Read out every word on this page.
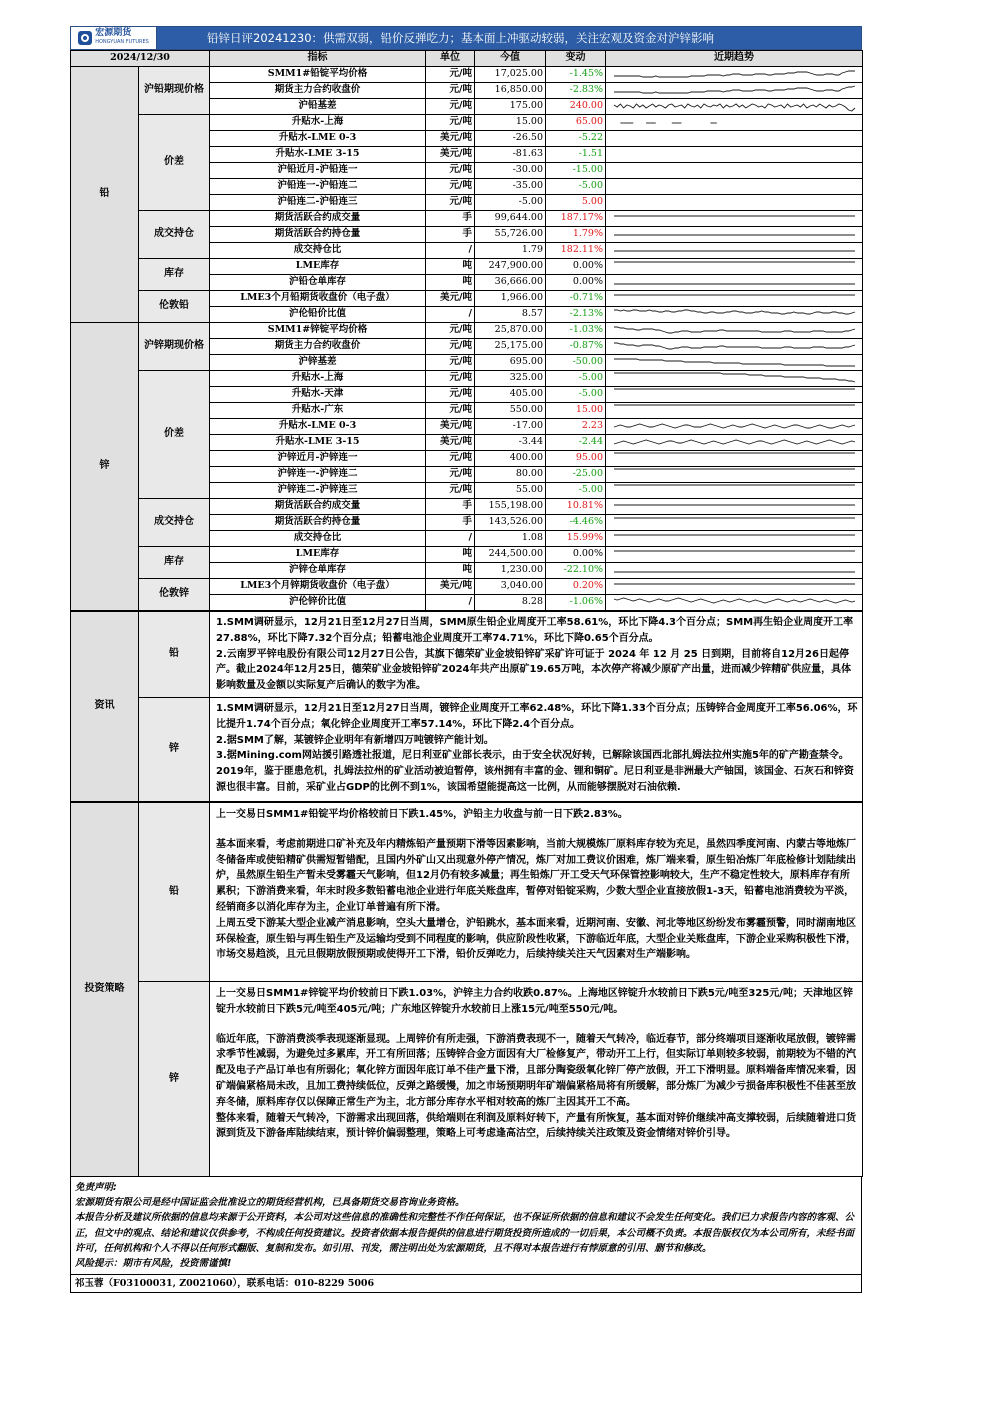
宏源期货
HONGYUAN FUTURES	铅锌日评20241230：供需双弱，铅价反弹吃力；基本面上冲驱动较弱，关注宏观及资金对沪锌影响
2024/12/30		指标	单位	今值	变动	近期趋势
铅	沪铅期现价格	SMM1#铅锭平均价格	元/吨	17,025.00	-1.45%	

		期货主力合约收盘价	元/吨	16,850.00	-2.83%	

		沪铅基差	元/吨	175.00	240.00	

	价差	升贴水-上海	元/吨	15.00	65.00	

		升贴水-LME 0-3	美元/吨	-26.50	-5.22	

		升贴水-LME 3-15	美元/吨	-81.63	-1.51	

		沪铅近月-沪铅连一	元/吨	-30.00	-15.00	

		沪铅连一-沪铅连二	元/吨	-35.00	-5.00	

		沪铅连二-沪铅连三	元/吨	-5.00	5.00	

	成交持仓	期货活跃合约成交量	手	99,644.00	187.17%	

		期货活跃合约持仓量	手	55,726.00	1.79%	

		成交持仓比	/	1.79	182.11%	

	库存	LME库存	吨	247,900.00	0.00%	

		沪铅仓单库存	吨	36,666.00	0.00%	

	伦敦铅	LME3个月铅期货收盘价（电子盘）	美元/吨	1,966.00	-0.71%	

		沪伦铅价比值	/	8.57	-2.13%	

锌	沪锌期现价格	SMM1#锌锭平均价格	元/吨	25,870.00	-1.03%	

		期货主力合约收盘价	元/吨	25,175.00	-0.87%	

		沪锌基差	元/吨	695.00	-50.00	

	价差	升贴水-上海	元/吨	325.00	-5.00	

		升贴水-天津	元/吨	405.00	-5.00	

		升贴水-广东	元/吨	550.00	15.00	

		升贴水-LME 0-3	美元/吨	-17.00	2.23	

		升贴水-LME 3-15	美元/吨	-3.44	-2.44	

		沪锌近月-沪锌连一	元/吨	400.00	95.00	

		沪锌连一-沪锌连二	元/吨	80.00	-25.00	

		沪锌连二-沪锌连三	元/吨	55.00	-5.00	

	成交持仓	期货活跃合约成交量	手	155,198.00	10.81%	

		期货活跃合约持仓量	手	143,526.00	-4.46%	

		成交持仓比	/	1.08	15.99%	

	库存	LME库存	吨	244,500.00	0.00%	

		沪锌仓单库存	吨	1,230.00	-22.10%	

	伦敦锌	LME3个月锌期货收盘价（电子盘）	美元/吨	3,040.00	0.20%	

		沪伦锌价比值	/	8.28	-1.06%	
资讯	铅	1.SMM调研显示，12月21日至12月27日当周，SMM原生铅企业周度开工率58.61%，环比下降4.3个百分点；SMM再生铅企业周度开工率27.88%，环比下降7.32个百分点；铅蓄电池企业周度开工率74.71%，环比下降0.65个百分点。

2.云南罗平锌电股份有限公司12月27日公告，其旗下德荣矿业金坡铅锌矿采矿许可证于 2024 年 12 月 25 日到期，目前将自12月26日起停产。截止2024年12月25日，德荣矿业金坡铅锌矿2024年共产出原矿19.65万吨，本次停产将减少原矿产出量，进而减少锌精矿供应量，具体影响数量及金额以实际复产后确认的数字为准。

	锌	1.SMM调研显示，12月21日至12月27日当周，镀锌企业周度开工率62.48%，环比下降1.33个百分点；压铸锌合金周度开工率56.06%，环比提升1.74个百分点；氧化锌企业周度开工率57.14%，环比下降2.4个百分点。

2.据SMM了解，某镀锌企业明年有新增四万吨镀锌产能计划。

3.据Mining.com网站援引路透社报道，尼日利亚矿业部长表示，由于安全状况好转，已解除该国西北部扎姆法拉州实施5年的矿产勘查禁令。2019年，鉴于匪患危机，扎姆法拉州的矿业活动被迫暂停，该州拥有丰富的金、锂和铜矿。尼日利亚是非洲最大产铀国，该国金、石灰石和锌资源也很丰富。目前，采矿业占GDP的比例不到1%，该国希望能提高这一比例，从而能够摆脱对石油依赖.

投资策略	铅	上一交易日SMM1#铅锭平均价格较前日下跌1.45%，沪铅主力收盘与前一日下跌2.83%。

基本面来看，考虑前期进口矿补充及年内精炼铅产量预期下滑等因素影响，当前大规模炼厂原料库存较为充足，虽然四季度河南、内蒙古等地炼厂冬储备库或使铅精矿供需短暂错配，且国内外矿山又出现意外停产情况，炼厂对加工费议价困难，炼厂端来看，原生铅冶炼厂年底检修计划陆续出炉，虽然原生铅生产暂未受雾霾天气影响，但12月仍有较多减量；再生铅炼厂开工受天气环保管控影响较大，生产不稳定性较大，原料库存有所累积；下游消费来看，年末时段多数铅蓄电池企业进行年底关账盘库，暂停对铅锭采购，少数大型企业直接放假1-3天，铅蓄电池消费较为平淡，经销商多以消化库存为主，企业订单普遍有所下滑。

上周五受下游某大型企业减产消息影响，空头大量增仓，沪铅跳水，基本面来看，近期河南、安徽、河北等地区纷纷发布雾霾预警，同时湖南地区环保检查，原生铅与再生铅生产及运输均受到不同程度的影响，供应阶段性收紧，下游临近年底，大型企业关账盘库，下游企业采购积极性下滑，市场交易趋淡，且元旦假期放假预期或使得开工下滑，铅价反弹吃力，后续持续关注天气因素对生产端影响。

	锌	上一交易日SMM1#锌锭平均价较前日下跌1.03%，沪锌主力合约收跌0.87%。上海地区锌锭升水较前日下跌5元/吨至325元/吨；天津地区锌锭升水较前日下跌5元/吨至405元/吨；广东地区锌锭升水较前日上涨15元/吨至550元/吨。

临近年底，下游消费淡季表现逐渐显现。上周锌价有所走强，下游消费表现不一，随着天气转冷，临近春节，部分终端项目逐渐收尾放假，镀锌需求季节性减弱，为避免过多累库，开工有所回落；压铸锌合金方面因有大厂检修复产，带动开工上行，但实际订单则较多较弱，前期较为不错的汽配及电子产品订单也有所弱化；氧化锌方面因年底订单不佳产量下滑，且部分陶瓷级氧化锌厂停产放假，开工下滑明显。原料端备库情况来看，因矿端偏紧格局未改，且加工费持续低位，反弹之路缓慢，加之市场预期明年矿端偏紧格局将有所缓解，部分炼厂为减少亏损备库积极性不佳甚至放弃冬储，原料库存仅以保障正常生产为主，北方部分库存水平相对较高的炼厂主因其开工不高。

整体来看，随着天气转冷，下游需求出现回落，供给端则在利润及原料好转下，产量有所恢复，基本面对锌价继续冲高支撑较弱，后续随着进口货源到货及下游备库陆续结束，预计锌价偏弱整理，策略上可考虑逢高沽空，后续持续关注政策及资金情绪对锌价引导。

免责声明:

宏源期货有限公司是经中国证监会批准设立的期货经营机构，已具备期货交易咨询业务资格。

本报告分析及建议所依据的信息均来源于公开资料，本公司对这些信息的准确性和完整性不作任何保证，也不保证所依据的信息和建议不会发生任何变化。我们已力求报告内容的客观、公正，但文中的观点、结论和建议仅供参考，不构成任何投资建议。投资者依据本报告提供的信息进行期货投资所造成的一切后果，本公司概不负责。本报告版权仅为本公司所有，未经书面许可，任何机构和个人不得以任何形式翻版、复制和发布。如引用、刊发，需注明出处为宏源期货，且不得对本报告进行有悖原意的引用、删节和修改。

风险提示：期市有风险，投资需谨慎!

祁玉蓉（F03100031, Z0021060），联系电话：010-8229 5006
